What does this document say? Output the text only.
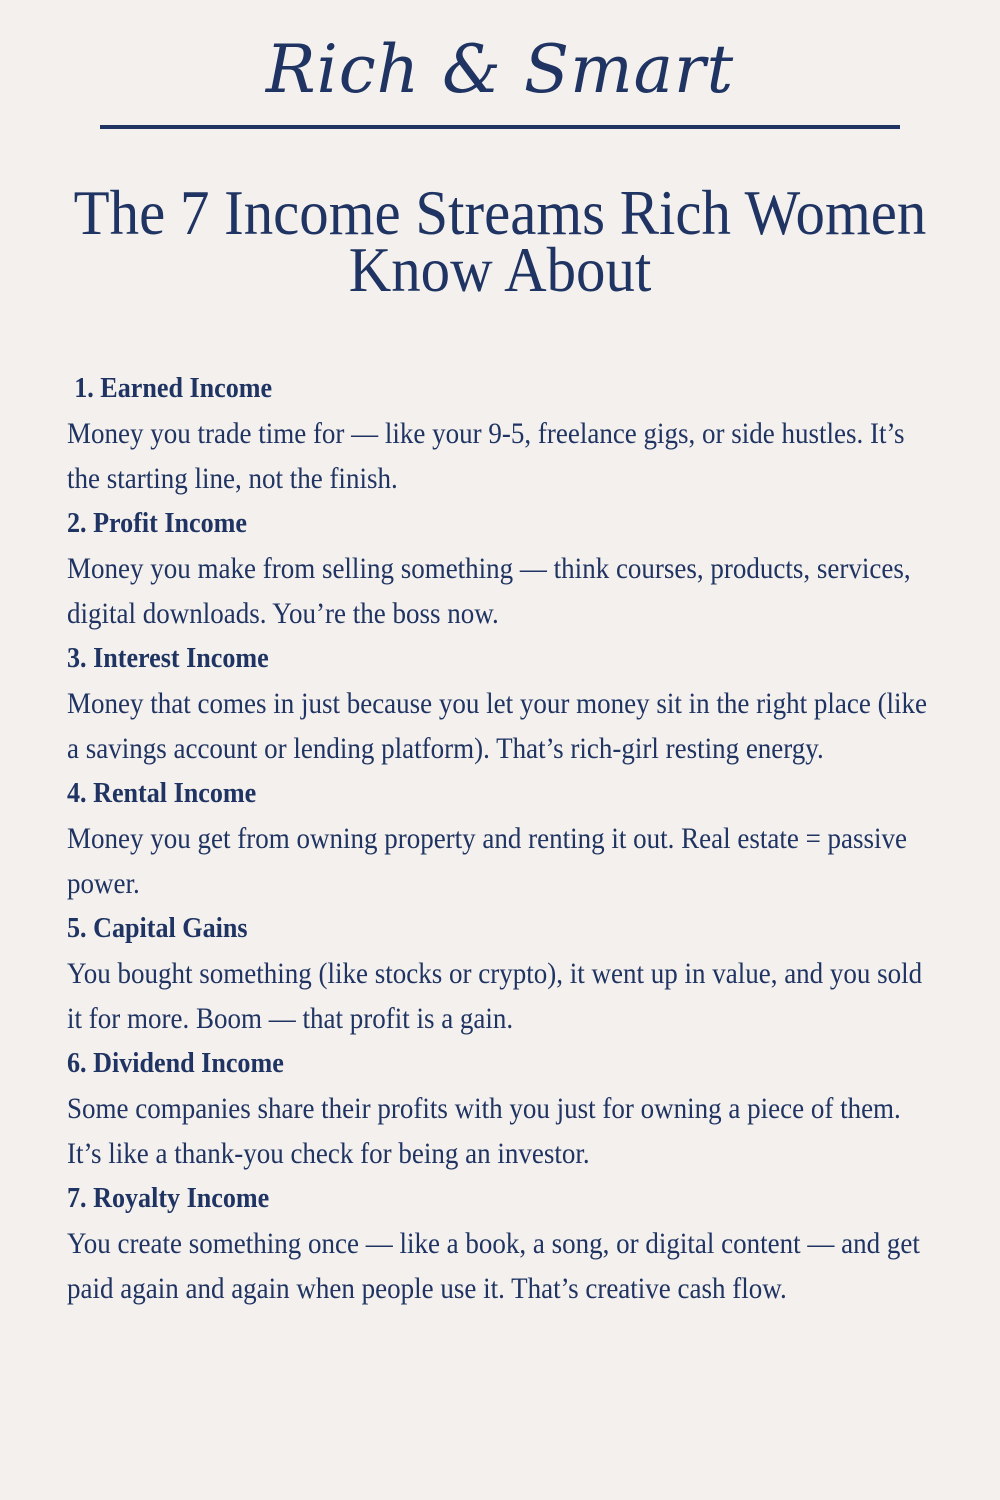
Rich & Smart
The 7 Income Streams Rich Women Know About
1. Earned Income
Money you trade time for — like your 9-5, freelance gigs, or side hustles. It’s the starting line, not the finish.
2. Profit Income
Money you make from selling something — think courses, products, services, digital downloads. You’re the boss now.
3. Interest Income
Money that comes in just because you let your money sit in the right place (like a savings account or lending platform). That’s rich-girl resting energy.
4. Rental Income
Money you get from owning property and renting it out. Real estate = passive power.
5. Capital Gains
You bought something (like stocks or crypto), it went up in value, and you sold it for more. Boom — that profit is a gain.
6. Dividend Income
Some companies share their profits with you just for owning a piece of them. It’s like a thank-you check for being an investor.
7. Royalty Income
You create something once — like a book, a song, or digital content — and get paid again and again when people use it. That’s creative cash flow.
